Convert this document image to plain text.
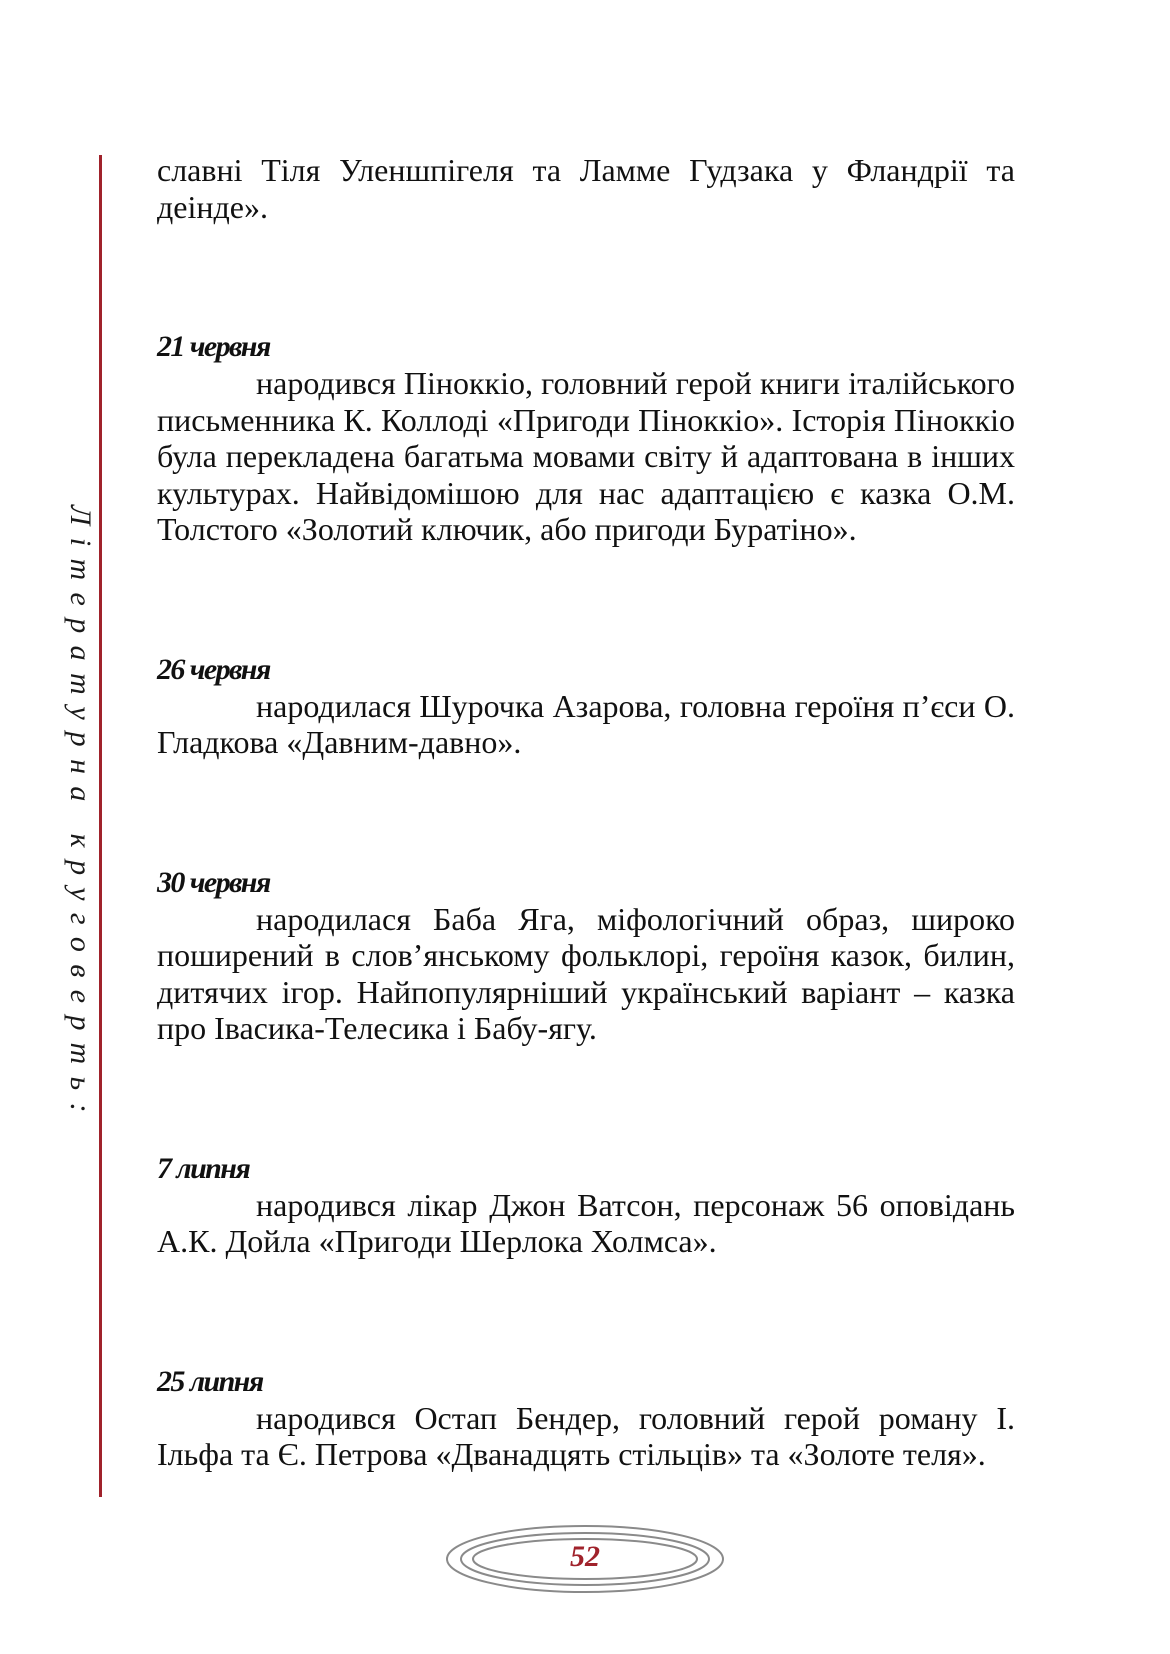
Літературна круговерть:

славні Тіля Уленшпігеля та Ламме Гудзака у Фландрії та деінде».

21 червня

народився Піноккіо, головний герой книги італійського письменника К. Коллоді «Пригоди Піноккіо». Історія Піноккіо була перекладена багатьма мовами світу й адаптована в інших культурах. Найвідомішою для нас адаптацією є казка О.М. Толстого «Золотий ключик, або пригоди Буратіно».

26 червня

народилася Шурочка Азарова, головна героїня п’єси О. Гладкова «Давним-давно».

30 червня

народилася Баба Яга, міфологічний образ, широко поширений в слов’янському фольклорі, героїня казок, билин, дитячих ігор. Найпопулярніший український варіант – казка про Івасика-Телесика і Бабу-ягу.

7 липня

народився лікар Джон Ватсон, персонаж 56 оповідань А.К. Дойла «Пригоди Шерлока Холмса».

25 липня

народився Остап Бендер, головний герой роману І. Ільфа та Є. Петрова «Дванадцять стільців» та «Золоте теля».

52
